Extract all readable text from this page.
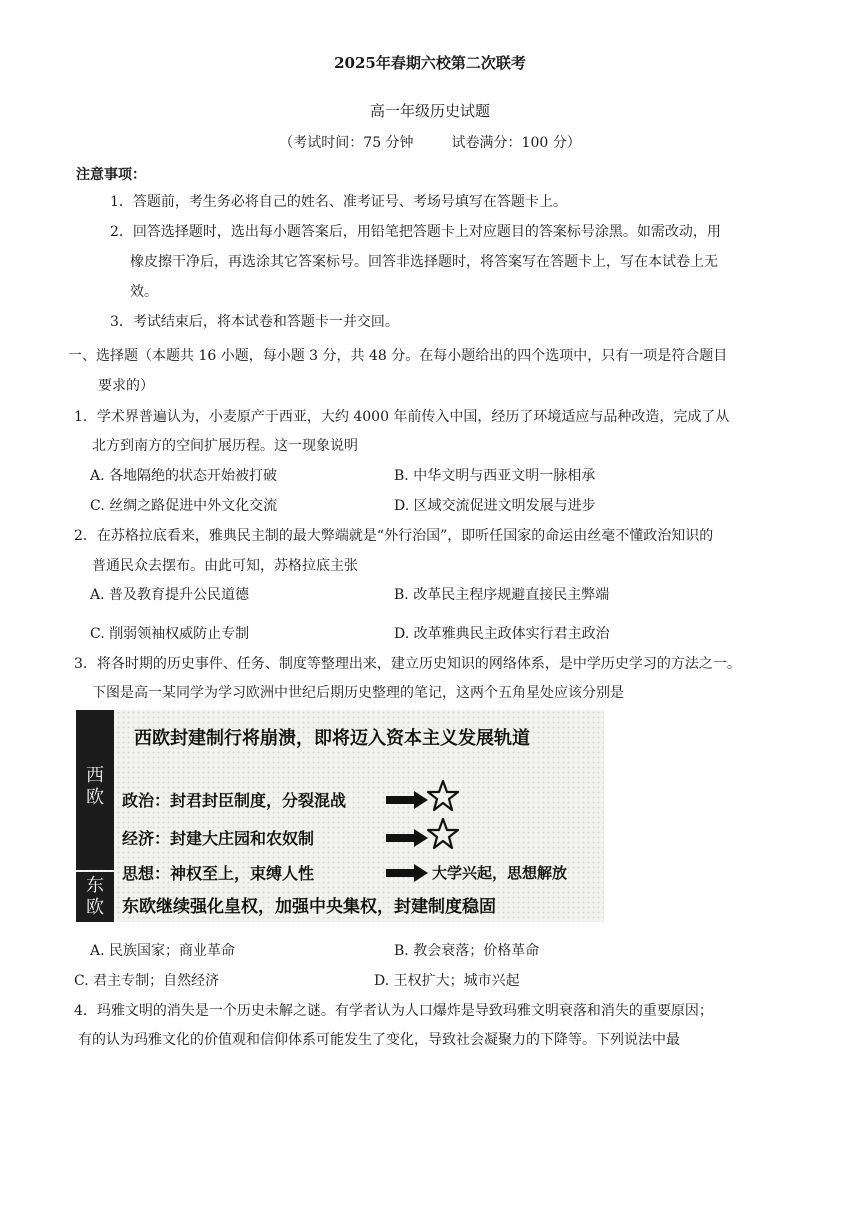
2025年春期六校第二次联考
高一年级历史试题
（考试时间：75 分钟	试卷满分：100 分）
注意事项：
1．答题前，考生务必将自己的姓名、准考证号、考场号填写在答题卡上。
2．回答选择题时，选出每小题答案后，用铅笔把答题卡上对应题目的答案标号涂黑。如需改动，用
橡皮擦干净后，再选涂其它答案标号。回答非选择题时，将答案写在答题卡上，写在本试卷上无
效。
3．考试结束后，将本试卷和答题卡一并交回。
一、选择题（本题共 16 小题，每小题 3 分，共 48 分。在每小题给出的四个选项中，只有一项是符合题目
要求的）
1．学术界普遍认为，小麦原产于西亚，大约 4000 年前传入中国，经历了环境适应与品种改造，完成了从
北方到南方的空间扩展历程。这一现象说明
A. 各地隔绝的状态开始被打破	B. 中华文明与西亚文明一脉相承
C. 丝绸之路促进中外文化交流	D. 区域交流促进文明发展与进步
2．在苏格拉底看来，雅典民主制的最大弊端就是“外行治国”，即听任国家的命运由丝毫不懂政治知识的
普通民众去摆布。由此可知，苏格拉底主张
A. 普及教育提升公民道德	B. 改革民主程序规避直接民主弊端
C. 削弱领袖权威防止专制	D. 改革雅典民主政体实行君主政治
3．将各时期的历史事件、任务、制度等整理出来，建立历史知识的网络体系，是中学历史学习的方法之一。
下图是高一某同学为学习欧洲中世纪后期历史整理的笔记，这两个五角星处应该分别是
西
欧
东
欧
西欧封建制行将崩溃，即将迈入资本主义发展轨道
政治：封君封臣制度，分裂混战
经济：封建大庄园和农奴制
思想：神权至上，束缚人性	大学兴起，思想解放
东欧继续强化皇权，加强中央集权，封建制度稳固
A. 民族国家；商业革命	B. 教会衰落；价格革命
C. 君主专制；自然经济	D. 王权扩大；城市兴起
4．玛雅文明的消失是一个历史未解之谜。有学者认为人口爆炸是导致玛雅文明衰落和消失的重要原因；
有的认为玛雅文化的价值观和信仰体系可能发生了变化，导致社会凝聚力的下降等。下列说法中最
